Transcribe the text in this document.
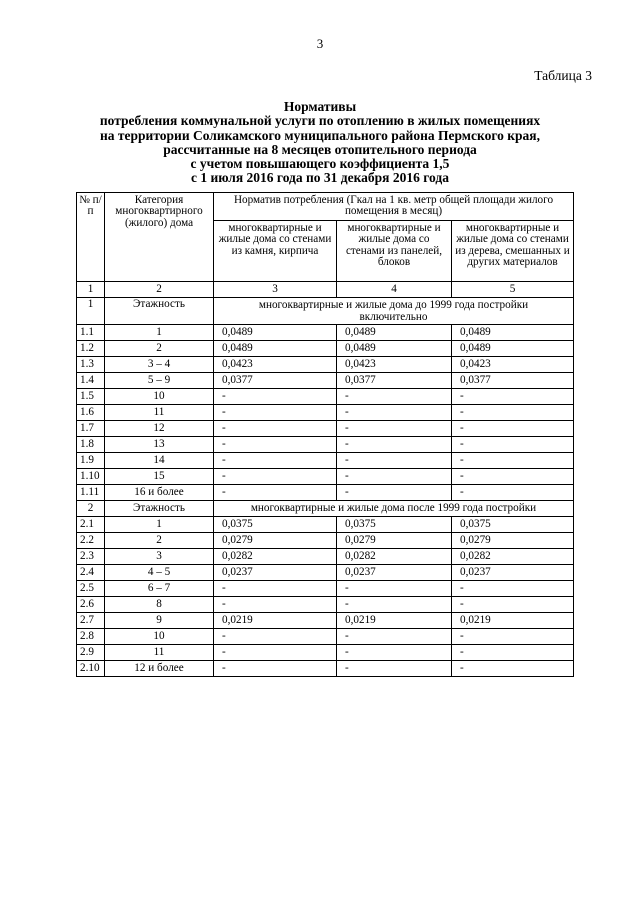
3
Таблица 3
Нормативы
потребления коммунальной услуги по отоплению в жилых помещениях
на территории Соликамского муниципального района Пермского края,
рассчитанные на 8 месяцев отопительного периода
с учетом повышающего коэффициента 1,5
с 1 июля 2016 года по 31 декабря 2016 года
№ п/п	Категория многоквартирного (жилого) дома	Норматив потребления (Гкал на 1 кв. метр общей площади жилого помещения в месяц)		
		многоквартирные и жилые дома со стенами из камня, кирпича	многоквартирные и жилые дома со стенами из панелей, блоков	многоквартирные и жилые дома со стенами из дерева, смешанных и других материалов
1	2	3	4	5
1	Этажность	многоквартирные и жилые дома до 1999 года постройки включительно		
1.1	1	0,0489	0,0489	0,0489
1.2	2	0,0489	0,0489	0,0489
1.3	3 – 4	0,0423	0,0423	0,0423
1.4	5 – 9	0,0377	0,0377	0,0377
1.5	10	-	-	-
1.6	11	-	-	-
1.7	12	-	-	-
1.8	13	-	-	-
1.9	14	-	-	-
1.10	15	-	-	-
1.11	16 и более	-	-	-
2	Этажность	многоквартирные и жилые дома после 1999 года постройки		
2.1	1	0,0375	0,0375	0,0375
2.2	2	0,0279	0,0279	0,0279
2.3	3	0,0282	0,0282	0,0282
2.4	4 – 5	0,0237	0,0237	0,0237
2.5	6 – 7	-	-	-
2.6	8	-	-	-
2.7	9	0,0219	0,0219	0,0219
2.8	10	-	-	-
2.9	11	-	-	-
2.10	12 и более	-	-	-
